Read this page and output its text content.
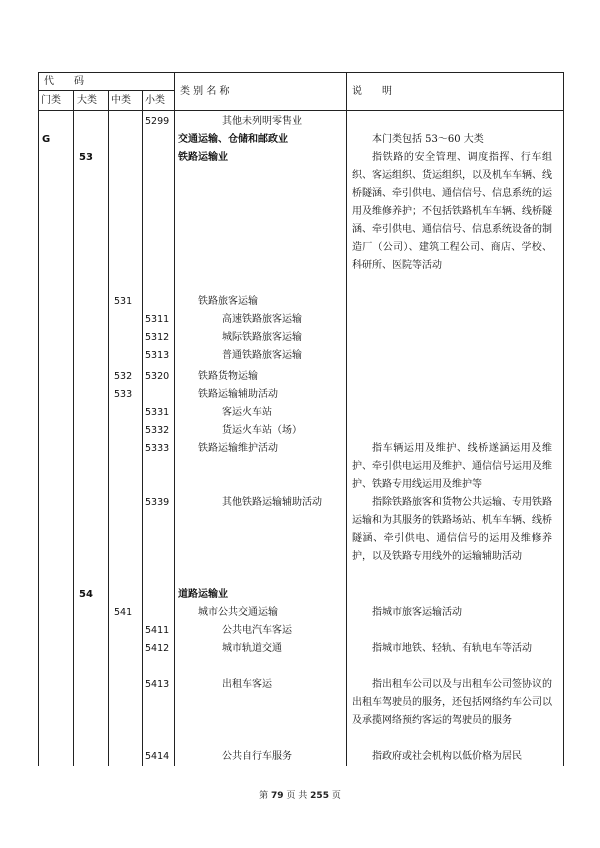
代　　码
门类 大类 中类 小类
类 别 名 称	说　　明
5299	其他未列明零售业
G	交通运输、仓储和邮政业	本门类包括 53～60 大类
53	铁路运输业	指铁路的安全管理、调度指挥、行车组织、客运组织、货运组织，以及机车车辆、线桥隧涵、牵引供电、通信信号、信息系统的运用及维修养护；不包括铁路机车车辆、线桥隧涵、牵引供电、通信信号、信息系统设备的制造厂（公司）、建筑工程公司、商店、学校、科研所、医院等活动
531	铁路旅客运输
5311	高速铁路旅客运输
5312	城际铁路旅客运输
5313	普通铁路旅客运输
532 5320	铁路货物运输
533	铁路运输辅助活动
5331	客运火车站
5332	货运火车站（场）
5333	铁路运输维护活动	指车辆运用及维护、线桥遂涵运用及维护、牵引供电运用及维护、通信信号运用及维护、铁路专用线运用及维护等
5339	其他铁路运输辅助活动	指除铁路旅客和货物公共运输、专用铁路运输和为其服务的铁路场站、机车车辆、线桥隧涵、牵引供电、通信信号的运用及维修养护，以及铁路专用线外的运输辅助活动
54	道路运输业
541	城市公共交通运输	指城市旅客运输活动
5411	公共电汽车客运
5412	城市轨道交通	指城市地铁、轻轨、有轨电车等活动
5413	出租车客运	指出租车公司以及与出租车公司签协议的出租车驾驶员的服务，还包括网络约车公司以及承揽网络预约客运的驾驶员的服务
5414	公共自行车服务	指政府或社会机构以低价格为居民
第 79 页 共 255 页
